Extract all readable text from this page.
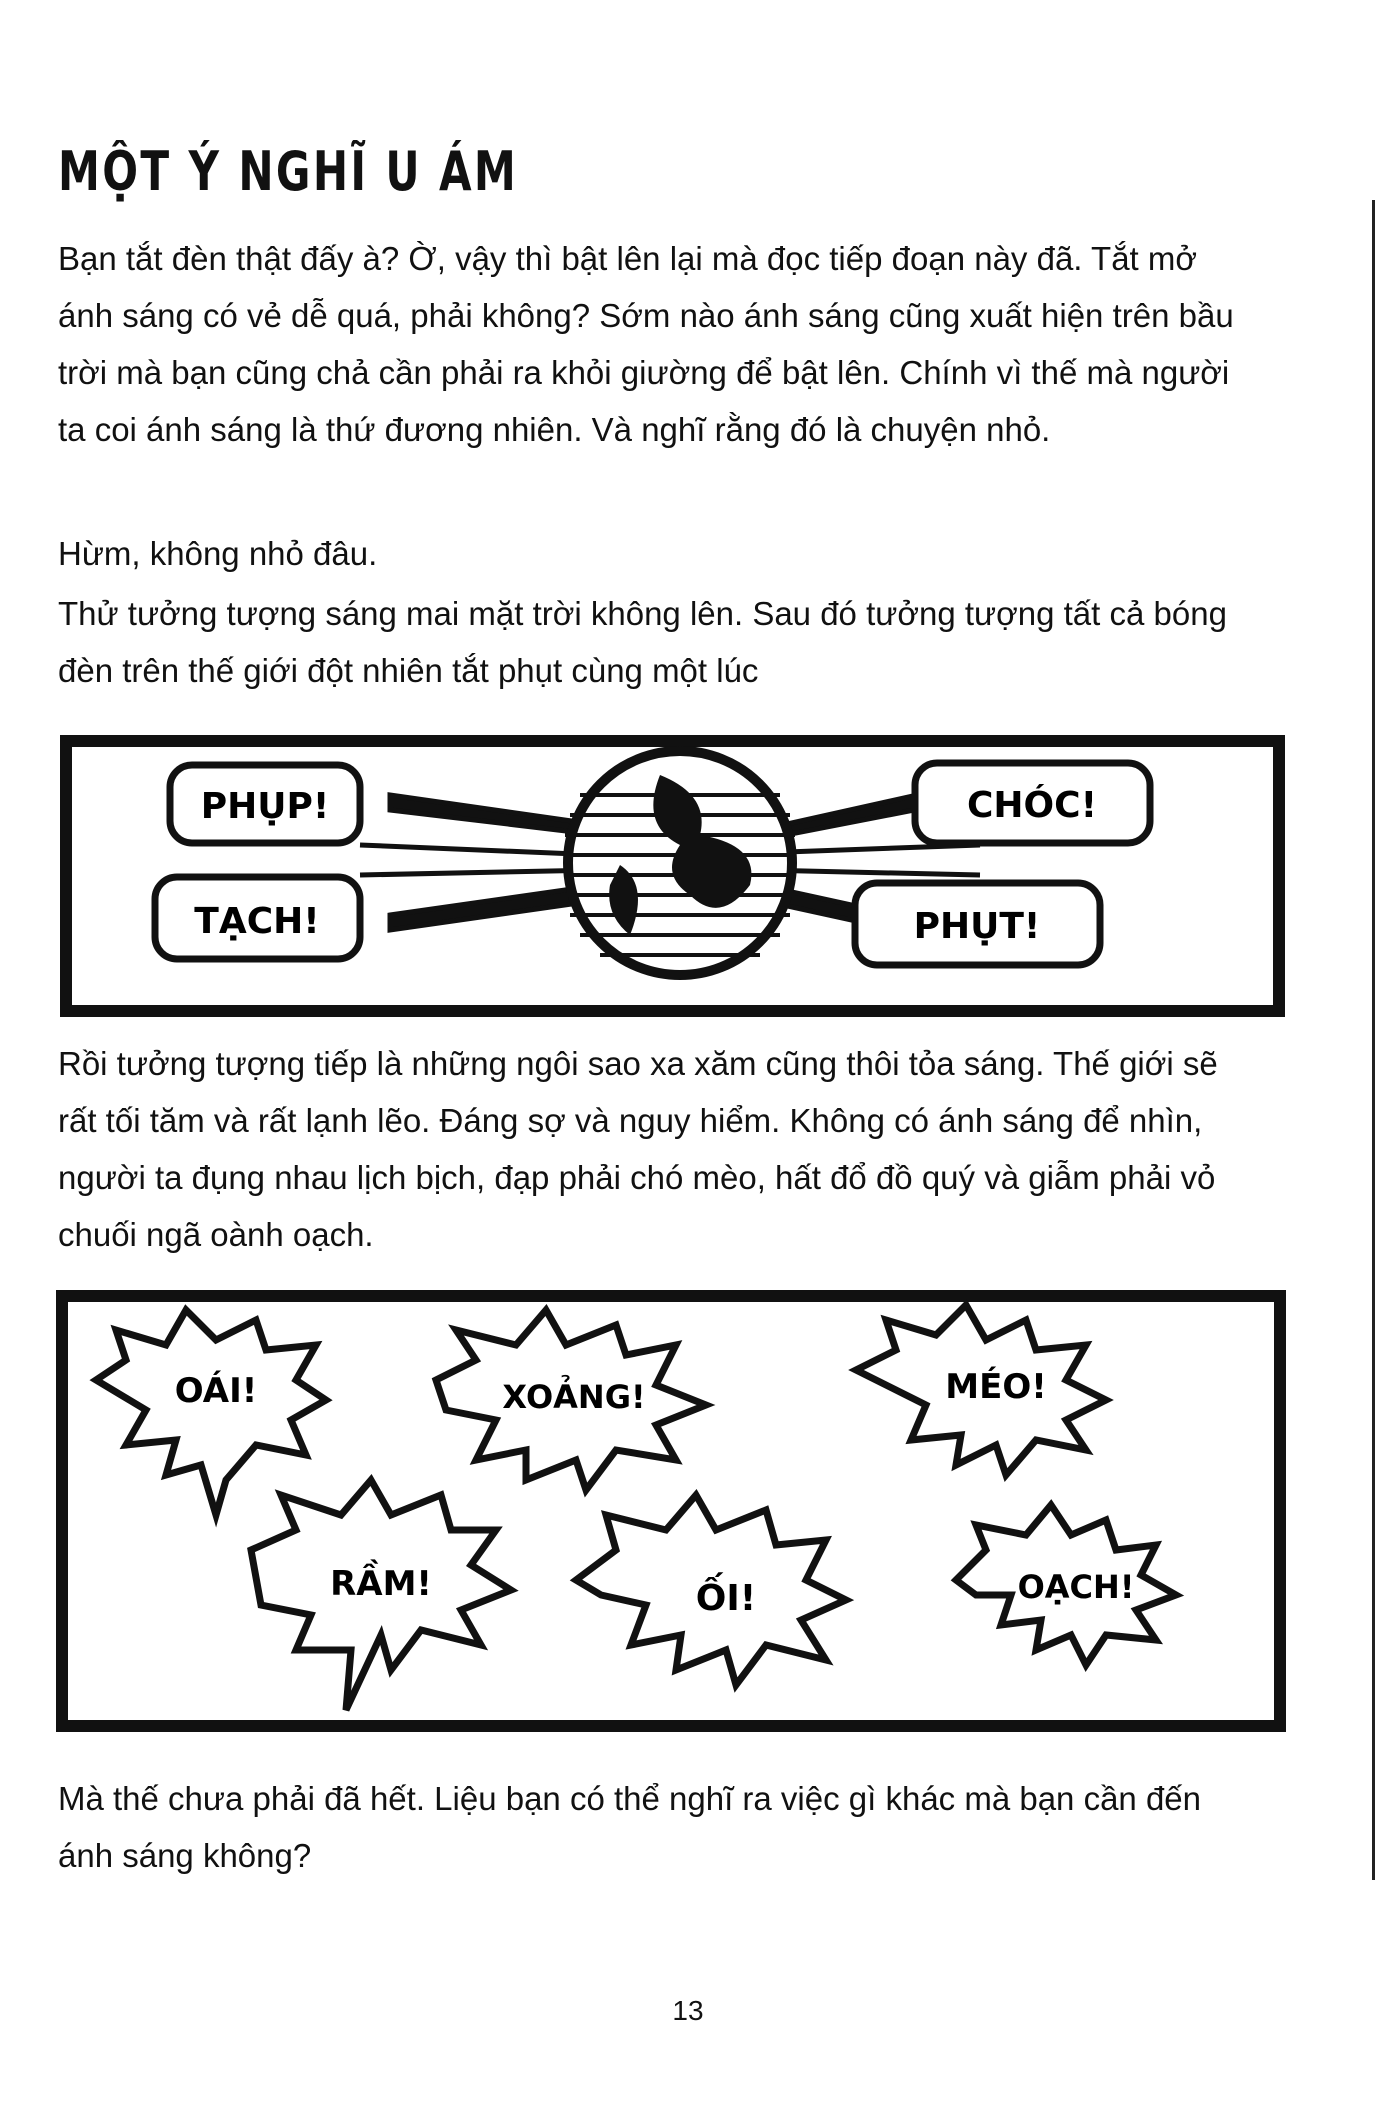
MỘT Ý NGHĨ U ÁM
Bạn tắt đèn thật đấy à? Ờ, vậy thì bật lên lại mà đọc tiếp đoạn này đã. Tắt mở ánh sáng có vẻ dễ quá, phải không? Sớm nào ánh sáng cũng xuất hiện trên bầu trời mà bạn cũng chả cần phải ra khỏi giường để bật lên. Chính vì thế mà người ta coi ánh sáng là thứ đương nhiên. Và nghĩ rằng đó là chuyện nhỏ.
Hừm, không nhỏ đâu.
Thử tưởng tượng sáng mai mặt trời không lên. Sau đó tưởng tượng tất cả bóng đèn trên thế giới đột nhiên tắt phụt cùng một lúc
PHỤP!
TẠCH!
CHÓC!
PHỤT!
Rồi tưởng tượng tiếp là những ngôi sao xa xăm cũng thôi tỏa sáng. Thế giới sẽ rất tối tăm và rất lạnh lẽo. Đáng sợ và nguy hiểm. Không có ánh sáng để nhìn, người ta đụng nhau lịch bịch, đạp phải chó mèo, hất đổ đồ quý và giẫm phải vỏ chuối ngã oành oạch.
OÁI!	XOẢNG!	MÉO!
RẦM!	ỐI!	OẠCH!
Mà thế chưa phải đã hết. Liệu bạn có thể nghĩ ra việc gì khác mà bạn cần đến ánh sáng không?
13
